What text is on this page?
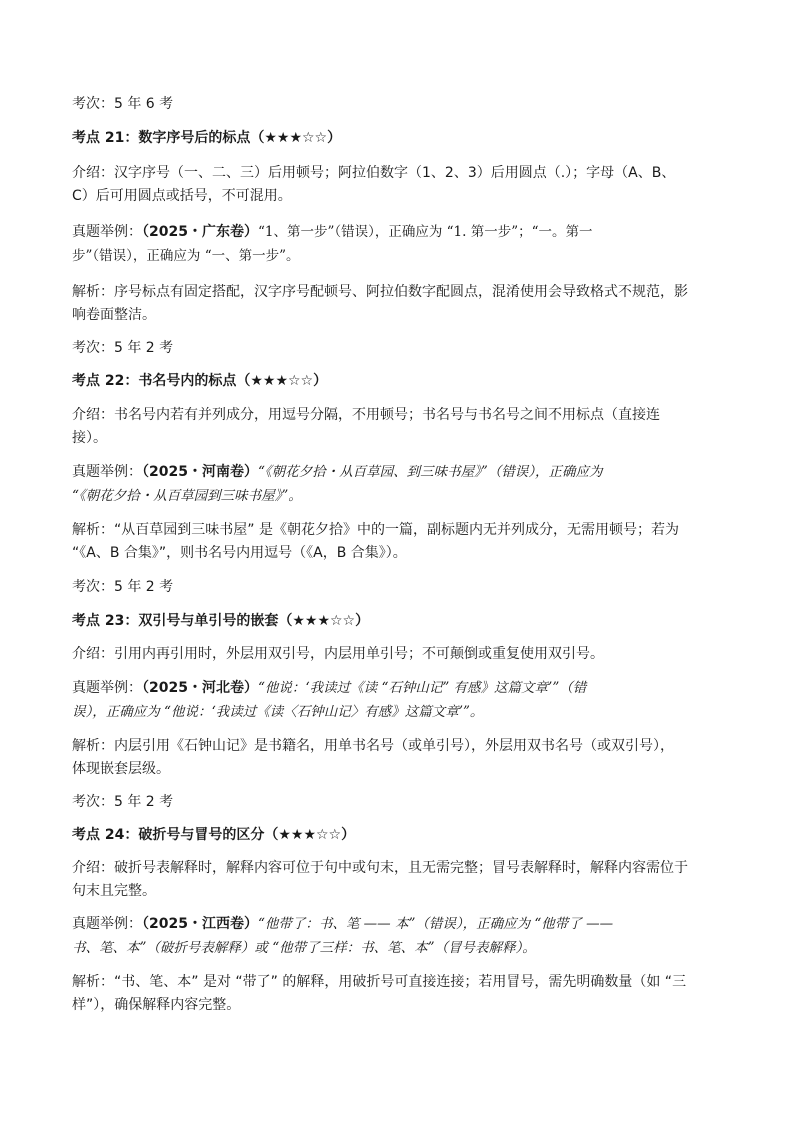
考次：5 年 6 考
考点 21：数字序号后的标点（★★★☆☆）
介绍：汉字序号（一、二、三）后用顿号；阿拉伯数字（1、2、3）后用圆点（.）；字母（A、B、
C）后可用圆点或括号，不可混用。
真题举例：（2025・广东卷）“1、第一步”（错误），正确应为 “1. 第一步”；“一。第一
步”（错误），正确应为 “一、第一步”。
解析：序号标点有固定搭配，汉字序号配顿号、阿拉伯数字配圆点，混淆使用会导致格式不规范，影
响卷面整洁。
考次：5 年 2 考
考点 22：书名号内的标点（★★★☆☆）
介绍：书名号内若有并列成分，用逗号分隔，不用顿号；书名号与书名号之间不用标点（直接连
接）。
真题举例：（2025・河南卷）“《朝花夕拾・从百草园、到三味书屋》”（错误），正确应为
“《朝花夕拾・从百草园到三味书屋》”。
解析：“从百草园到三味书屋” 是《朝花夕拾》中的一篇，副标题内无并列成分，无需用顿号；若为
“《A、B 合集》”，则书名号内用逗号（《A，B 合集》）。
考次：5 年 2 考
考点 23：双引号与单引号的嵌套（★★★☆☆）
介绍：引用内再引用时，外层用双引号，内层用单引号；不可颠倒或重复使用双引号。
真题举例：（2025・河北卷）“他说：‘我读过《读 “石钟山记” 有感》这篇文章’”（错
误），正确应为 “他说：‘我读过《读〈石钟山记〉有感》这篇文章’”。
解析：内层引用《石钟山记》是书籍名，用单书名号（或单引号），外层用双书名号（或双引号），
体现嵌套层级。
考次：5 年 2 考
考点 24：破折号与冒号的区分（★★★☆☆）
介绍：破折号表解释时，解释内容可位于句中或句末，且无需完整；冒号表解释时，解释内容需位于
句末且完整。
真题举例：（2025・江西卷）“他带了：书、笔 —— 本”（错误），正确应为 “他带了 ——
书、笔、本”（破折号表解释）或 “他带了三样：书、笔、本”（冒号表解释）。
解析：“书、笔、本” 是对 “带了” 的解释，用破折号可直接连接；若用冒号，需先明确数量（如 “三
样”），确保解释内容完整。
